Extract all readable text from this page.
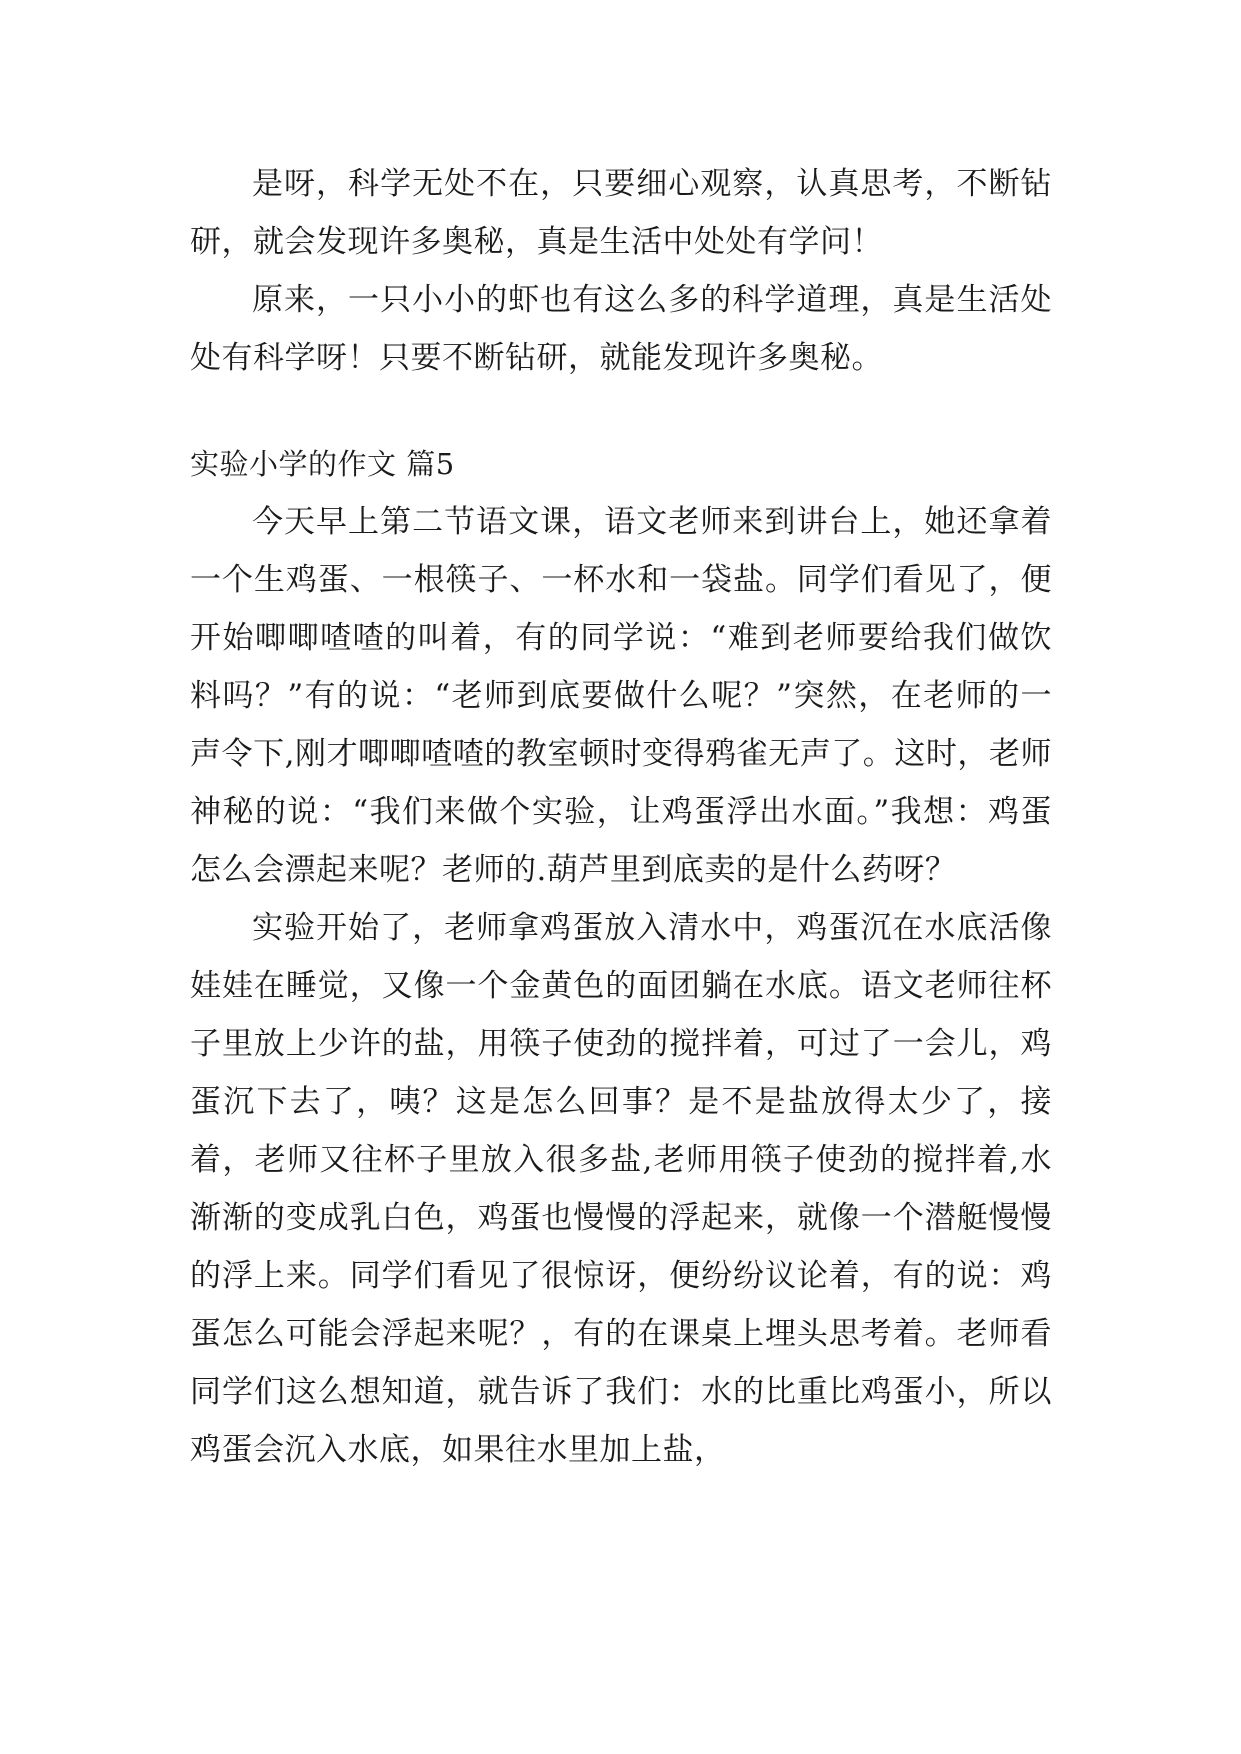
是呀，科学无处不在，只要细心观察，认真思考，不断钻研，就会发现许多奥秘，真是生活中处处有学问！

原来，一只小小的虾也有这么多的科学道理，真是生活处处有科学呀！只要不断钻研，就能发现许多奥秘。

实验小学的作文 篇5

今天早上第二节语文课，语文老师来到讲台上，她还拿着一个生鸡蛋、一根筷子、一杯水和一袋盐。同学们看见了，便开始唧唧喳喳的叫着，有的同学说：“难到老师要给我们做饮料吗？”有的说：“老师到底要做什么呢？”突然，在老师的一声令下,刚才唧唧喳喳的教室顿时变得鸦雀无声了。这时，老师神秘的说：“我们来做个实验，让鸡蛋浮出水面。”我想：鸡蛋怎么会漂起来呢？老师的.葫芦里到底卖的是什么药呀？

实验开始了，老师拿鸡蛋放入清水中，鸡蛋沉在水底活像娃娃在睡觉，又像一个金黄色的面团躺在水底。语文老师往杯子里放上少许的盐，用筷子使劲的搅拌着，可过了一会儿，鸡蛋沉下去了，咦？这是怎么回事？是不是盐放得太少了，接着，老师又往杯子里放入很多盐,老师用筷子使劲的搅拌着,水渐渐的变成乳白色，鸡蛋也慢慢的浮起来，就像一个潜艇慢慢的浮上来。同学们看见了很惊讶，便纷纷议论着，有的说：鸡蛋怎么可能会浮起来呢？，有的在课桌上埋头思考着。老师看同学们这么想知道，就告诉了我们：水的比重比鸡蛋小，所以鸡蛋会沉入水底，如果往水里加上盐，
